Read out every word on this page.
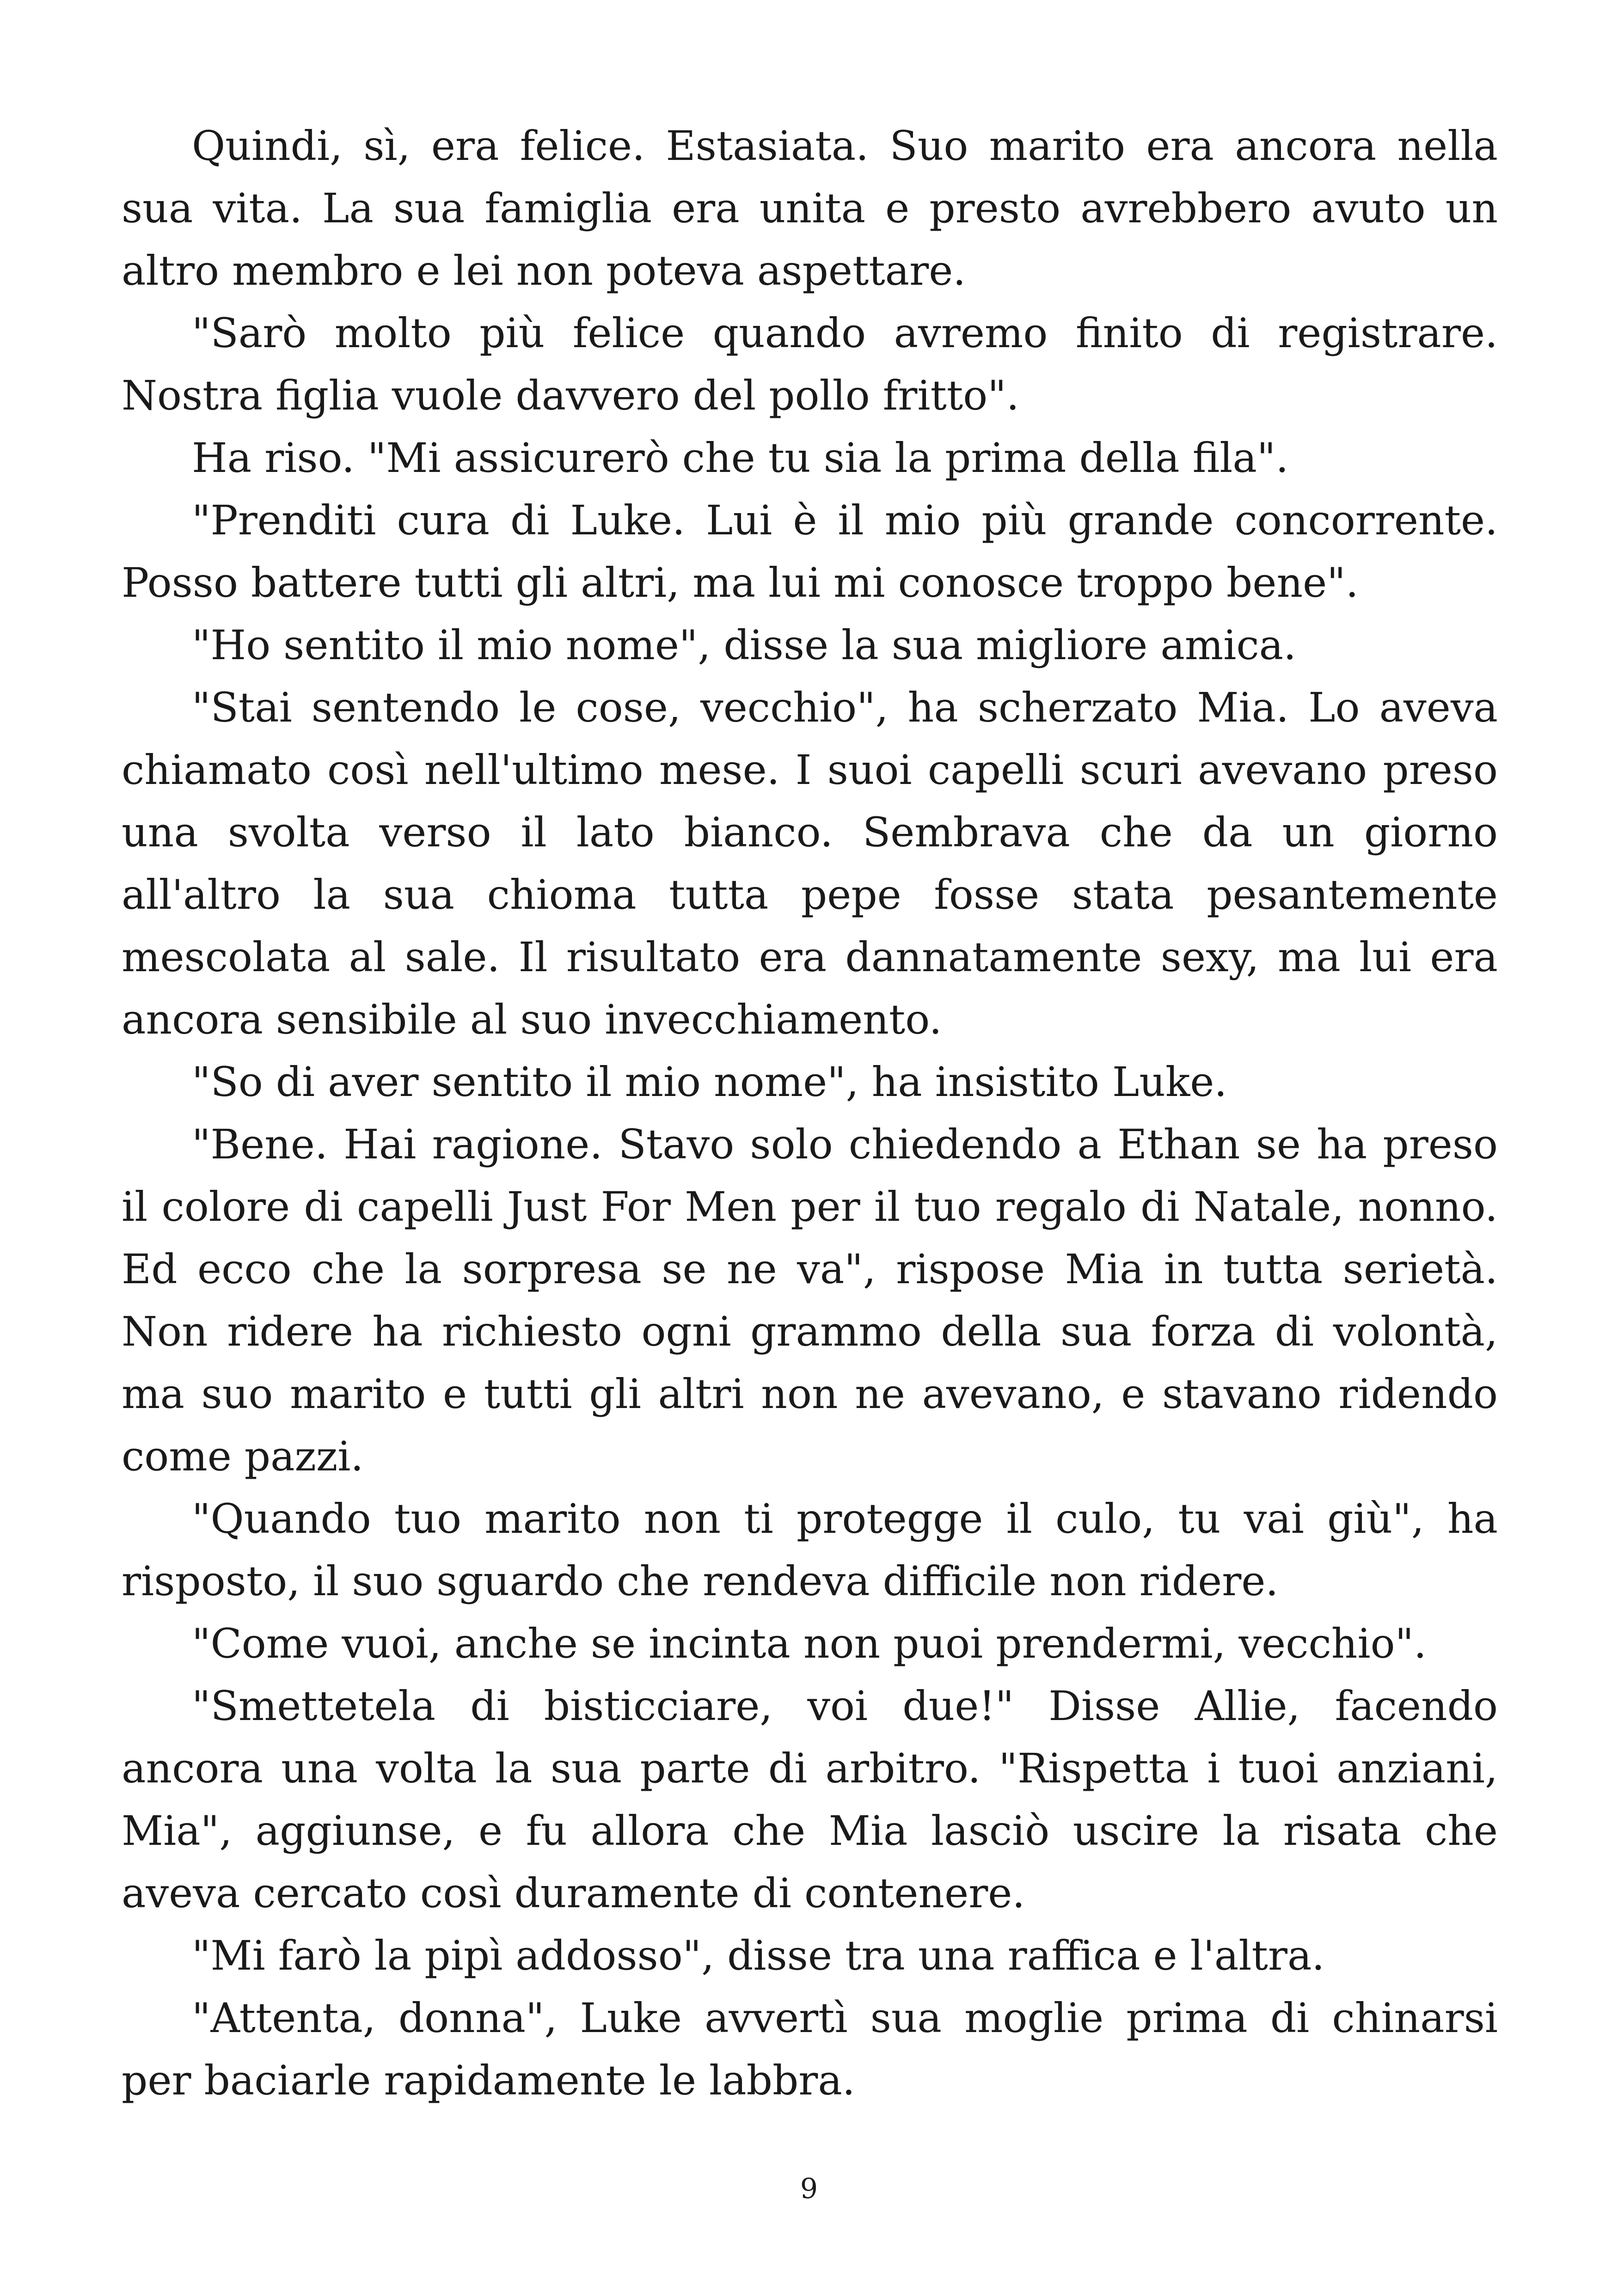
Quindi, sì, era felice. Estasiata. Suo marito era ancora nella sua vita. La sua famiglia era unita e presto avrebbero avuto un altro membro e lei non poteva aspettare.

"Sarò molto più felice quando avremo finito di registrare. Nostra figlia vuole davvero del pollo fritto".

Ha riso. "Mi assicurerò che tu sia la prima della fila".

"Prenditi cura di Luke. Lui è il mio più grande concorrente. Posso battere tutti gli altri, ma lui mi conosce troppo bene".

"Ho sentito il mio nome", disse la sua migliore amica.

"Stai sentendo le cose, vecchio", ha scherzato Mia. Lo aveva chiamato così nell'ultimo mese. I suoi capelli scuri avevano preso una svolta verso il lato bianco. Sembrava che da un giorno all'altro la sua chioma tutta pepe fosse stata pesantemente mescolata al sale. Il risultato era dannatamente sexy, ma lui era ancora sensibile al suo invecchiamento.

"So di aver sentito il mio nome", ha insistito Luke.

"Bene. Hai ragione. Stavo solo chiedendo a Ethan se ha preso il colore di capelli Just For Men per il tuo regalo di Natale, nonno. Ed ecco che la sorpresa se ne va", rispose Mia in tutta serietà. Non ridere ha richiesto ogni grammo della sua forza di volontà, ma suo marito e tutti gli altri non ne avevano, e stavano ridendo come pazzi.

"Quando tuo marito non ti protegge il culo, tu vai giù", ha risposto, il suo sguardo che rendeva difficile non ridere.

"Come vuoi, anche se incinta non puoi prendermi, vecchio".

"Smettetela di bisticciare, voi due!" Disse Allie, facendo ancora una volta la sua parte di arbitro. "Rispetta i tuoi anziani, Mia", aggiunse, e fu allora che Mia lasciò uscire la risata che aveva cercato così duramente di contenere.

"Mi farò la pipì addosso", disse tra una raffica e l'altra.

"Attenta, donna", Luke avvertì sua moglie prima di chinarsi per baciarle rapidamente le labbra.

9
